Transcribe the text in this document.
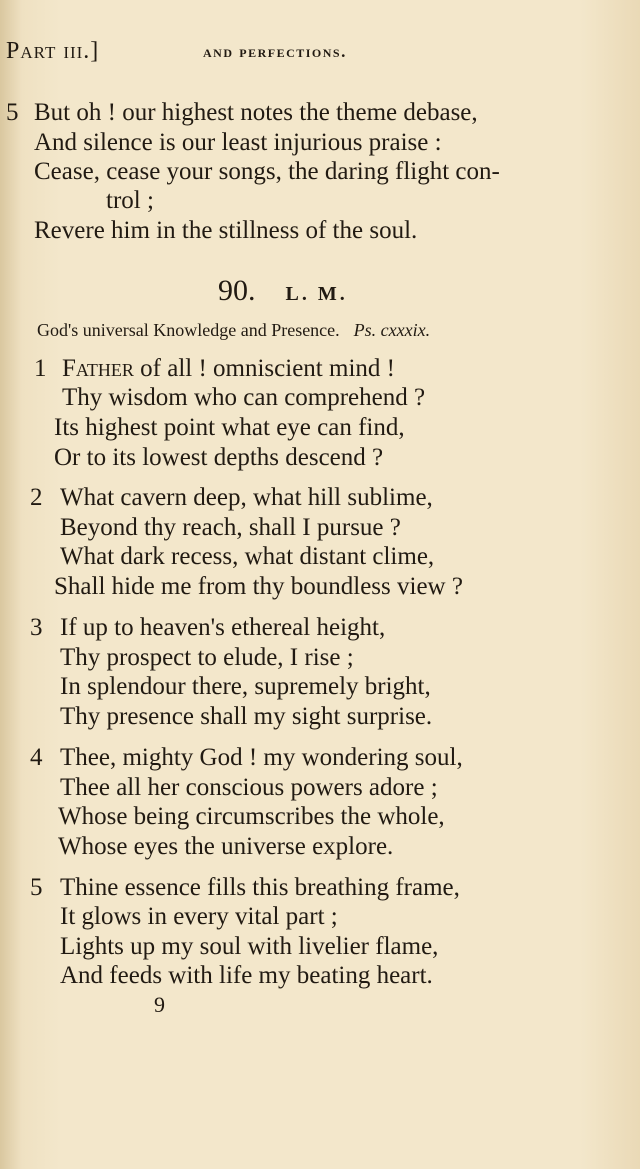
Part iii.]	and perfections.
5 But oh ! our highest notes the theme debase,
And silence is our least injurious praise :
Cease, cease your songs, the daring flight con-
trol ;
Revere him in the stillness of the soul.
90. L. M.
God's universal Knowledge and Presence. Ps. cxxxix.
1 Father of all ! omniscient mind !
Thy wisdom who can comprehend ?
Its highest point what eye can find,
Or to its lowest depths descend ?
2 What cavern deep, what hill sublime,
Beyond thy reach, shall I pursue ?
What dark recess, what distant clime,
Shall hide me from thy boundless view ?
3 If up to heaven's ethereal height,
Thy prospect to elude, I rise ;
In splendour there, supremely bright,
Thy presence shall my sight surprise.
4 Thee, mighty God ! my wondering soul,
Thee all her conscious powers adore ;
Whose being circumscribes the whole,
Whose eyes the universe explore.
5 Thine essence fills this breathing frame,
It glows in every vital part ;
Lights up my soul with livelier flame,
And feeds with life my beating heart.
9
